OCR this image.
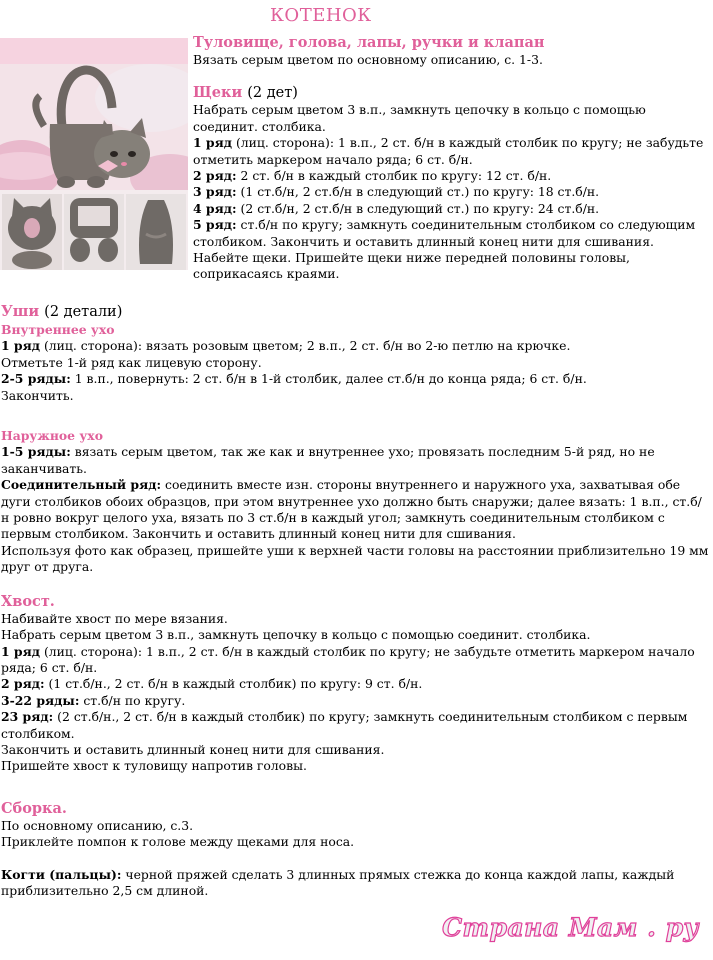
КОТЕНОК

Туловище, голова, лапы, ручки и клапан

Вязать серым цветом по основному описанию, с. 1-3.

Щеки (2 дет)

Набрать серым цветом 3 в.п., замкнуть цепочку в кольцо с помощью соединит. столбика.

1 ряд (лиц. сторона): 1 в.п., 2 ст. б/н в каждый столбик по кругу; не забудьте отметить маркером начало ряда; 6 ст. б/н.

2 ряд: 2 ст. б/н в каждый столбик по кругу: 12 ст. б/н.

3 ряд: (1 ст.б/н, 2 ст.б/н в следующий ст.) по кругу: 18 ст.б/н.

4 ряд: (2 ст.б/н, 2 ст.б/н в следующий ст.) по кругу: 24 ст.б/н.

5 ряд: ст.б/н по кругу; замкнуть соединительным столбиком со следующим столбиком. Закончить и оставить длинный конец нити для сшивания.

Набейте щеки. Пришейте щеки ниже передней половины головы, соприкасаясь краями.

Уши (2 детали)

Внутреннее ухо

1 ряд (лиц. сторона): вязать розовым цветом; 2 в.п., 2 ст. б/н во 2-ю петлю на крючке.

Отметьте 1-й ряд как лицевую сторону.

2-5 ряды: 1 в.п., повернуть: 2 ст. б/н в 1-й столбик, далее ст.б/н до конца ряда; 6 ст. б/н.

Закончить.

Наружное ухо

1-5 ряды: вязать серым цветом, так же как и внутреннее ухо; провязать последним 5-й ряд, но не заканчивать.

Соединительный ряд: соединить вместе изн. стороны внутреннего и наружного уха, захватывая обе дуги столбиков обоих образцов, при этом внутреннее ухо должно быть снаружи; далее вязать: 1 в.п., ст.б/н ровно вокруг целого уха, вязать по 3 ст.б/н в каждый угол; замкнуть соединительным столбиком с первым столбиком. Закончить и оставить длинный конец нити для сшивания.

Используя фото как образец, пришейте уши к верхней части головы на расстоянии приблизительно 19 мм друг от друга.

Хвост.

Набивайте хвост по мере вязания.

Набрать серым цветом 3 в.п., замкнуть цепочку в кольцо с помощью соединит. столбика.

1 ряд (лиц. сторона): 1 в.п., 2 ст. б/н в каждый столбик по кругу; не забудьте отметить маркером начало ряда; 6 ст. б/н.

2 ряд: (1 ст.б/н., 2 ст. б/н в каждый столбик) по кругу: 9 ст. б/н.

3-22 ряды: ст.б/н по кругу.

23 ряд: (2 ст.б/н., 2 ст. б/н в каждый столбик) по кругу; замкнуть соединительным столбиком с первым столбиком.

Закончить и оставить длинный конец нити для сшивания.

Пришейте хвост к туловищу напротив головы.

Сборка.

По основному описанию, с.3.

Приклейте помпон к голове между щеками для носа.

Когти (пальцы): черной пряжей сделать 3 длинных прямых стежка до конца каждой лапы, каждый приблизительно 2,5 см длиной.

Страна Мам . ру
